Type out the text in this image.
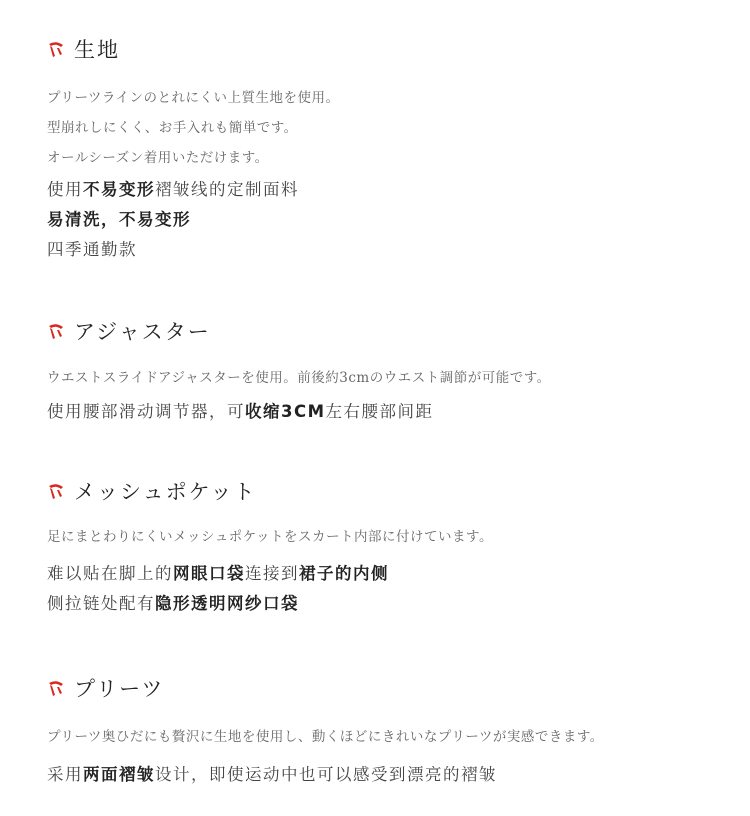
生地
プリーツラインのとれにくい上質生地を使用。
型崩れしにくく、お手入れも簡単です。
オールシーズン着用いただけます。
使用不易变形褶皱线的定制面料
易清洗，不易变形
四季通勤款
アジャスター
ウエストスライドアジャスターを使用。前後約3cmのウエスト調節が可能です。
使用腰部滑动调节器，可收缩3CM左右腰部间距
メッシュポケット
足にまとわりにくいメッシュポケットをスカート内部に付けています。
难以贴在脚上的网眼口袋连接到裙子的内侧
侧拉链处配有隐形透明网纱口袋
プリーツ
プリーツ奥ひだにも贅沢に生地を使用し、動くほどにきれいなプリーツが実感できます。
采用两面褶皱设计，即使运动中也可以感受到漂亮的褶皱
